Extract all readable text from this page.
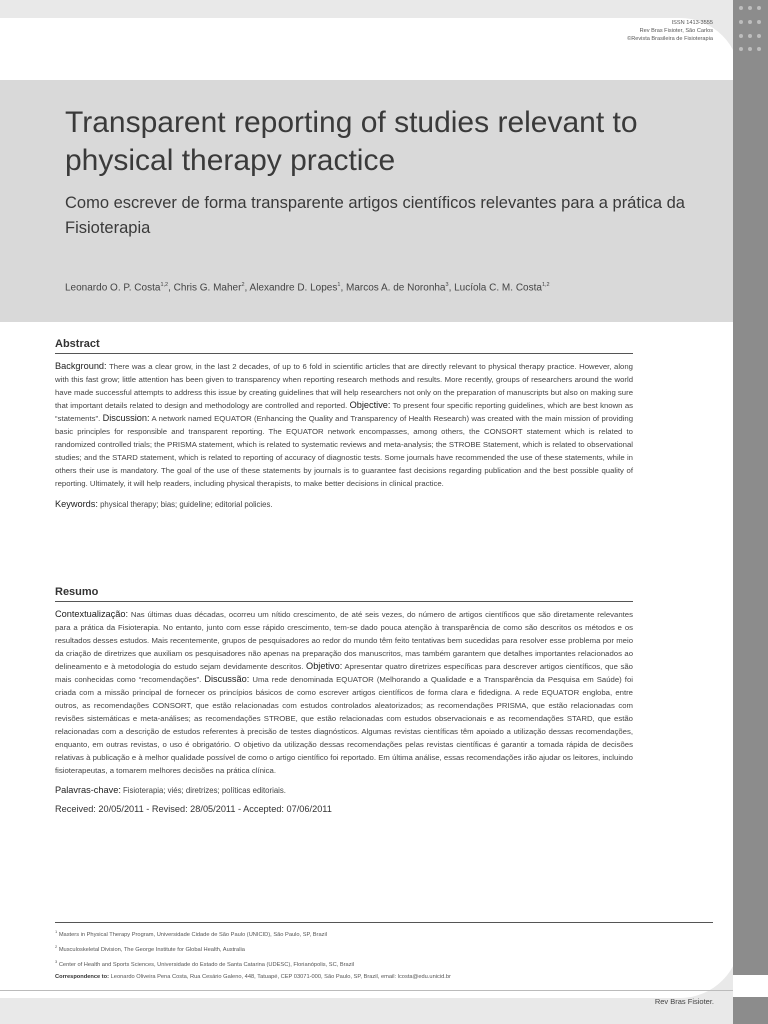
ISSN 1413-3555
Rev Bras Fisioter, São Carlos
©Revista Brasileira de Fisioterapia
Transparent reporting of studies relevant to physical therapy practice

Como escrever de forma transparente artigos científicos relevantes para a prática da Fisioterapia

Leonardo O. P. Costa$^{1,2}$, Chris G. Maher$^2$, Alexandre D. Lopes$^1$, Marcos A. de Noronha$^3$, Lucíola C. M. Costa$^{1,2}$
Abstract
Background: There was a clear grow, in the last 2 decades, of up to 6 fold in scientific articles that are directly relevant to physical therapy practice. However, along with this fast grow; little attention has been given to transparency when reporting research methods and results. More recently, groups of researchers around the world have made successful attempts to address this issue by creating guidelines that will help researchers not only on the preparation of manuscripts but also on making sure that important details related to design and methodology are controlled and reported. Objective: To present four specific reporting guidelines, which are best known as “statements”. Discussion: A network named EQUATOR (Enhancing the Quality and Transparency of Health Research) was created with the main mission of providing basic principles for responsible and transparent reporting. The EQUATOR network encompasses, among others, the CONSORT statement which is related to randomized controlled trials; the PRISMA statement, which is related to systematic reviews and meta-analysis; the STROBE Statement, which is related to observational studies; and the STARD statement, which is related to reporting of accuracy of diagnostic tests. Some journals have recommended the use of these statements, while in others their use is mandatory. The goal of the use of these statements by journals is to guarantee fast decisions regarding publication and the best possible quality of reporting. Ultimately, it will help readers, including physical therapists, to make better decisions in clinical practice.
Keywords: physical therapy; bias; guideline; editorial policies.
Resumo
Contextualização: Nas últimas duas décadas, ocorreu um nítido crescimento, de até seis vezes, do número de artigos científicos que são diretamente relevantes para a prática da Fisioterapia. No entanto, junto com esse rápido crescimento, tem-se dado pouca atenção à transparência de como são descritos os métodos e os resultados desses estudos. Mais recentemente, grupos de pesquisadores ao redor do mundo têm feito tentativas bem sucedidas para resolver esse problema por meio da criação de diretrizes que auxiliam os pesquisadores não apenas na preparação dos manuscritos, mas também garantem que detalhes importantes relacionados ao delineamento e à metodologia do estudo sejam devidamente descritos. Objetivo: Apresentar quatro diretrizes específicas para descrever artigos científicos, que são mais conhecidas como “recomendações”. Discussão: Uma rede denominada EQUATOR (Melhorando a Qualidade e a Transparência da Pesquisa em Saúde) foi criada com a missão principal de fornecer os princípios básicos de como escrever artigos científicos de forma clara e fidedigna. A rede EQUATOR engloba, entre outros, as recomendações CONSORT, que estão relacionadas com estudos controlados aleatorizados; as recomendações PRISMA, que estão relacionadas com revisões sistemáticas e meta-análises; as recomendações STROBE, que estão relacionadas com estudos observacionais e as recomendações STARD, que estão relacionadas com a descrição de estudos referentes à precisão de testes diagnósticos. Algumas revistas científicas têm apoiado a utilização dessas recomendações, enquanto, em outras revistas, o uso é obrigatório. O objetivo da utilização dessas recomendações pelas revistas científicas é garantir a tomada rápida de decisões relativas à publicação e à melhor qualidade possível de como o artigo científico foi reportado. Em última análise, essas recomendações irão ajudar os leitores, incluindo fisioterapeutas, a tomarem melhores decisões na prática clínica.
Palavras-chave: Fisioterapia; viés; diretrizes; políticas editoriais.
Received: 20/05/2011 - Revised: 28/05/2011 - Accepted: 07/06/2011
$^1$ Masters in Physical Therapy Program, Universidade Cidade de São Paulo (UNICID), São Paulo, SP, Brazil
$^2$ Musculoskeletal Division, The George Institute for Global Health, Australia
$^3$ Center of Health and Sports Sciences, Universidade do Estado de Santa Catarina (UDESC), Florianópolis, SC, Brazil
Correspondence to: Leonardo Oliveira Pena Costa, Rua Cesário Galeno, 448, Tatuapé, CEP 03071-000, São Paulo, SP, Brazil, email: lcosta@edu.unicid.br
Rev Bras Fisioter.
